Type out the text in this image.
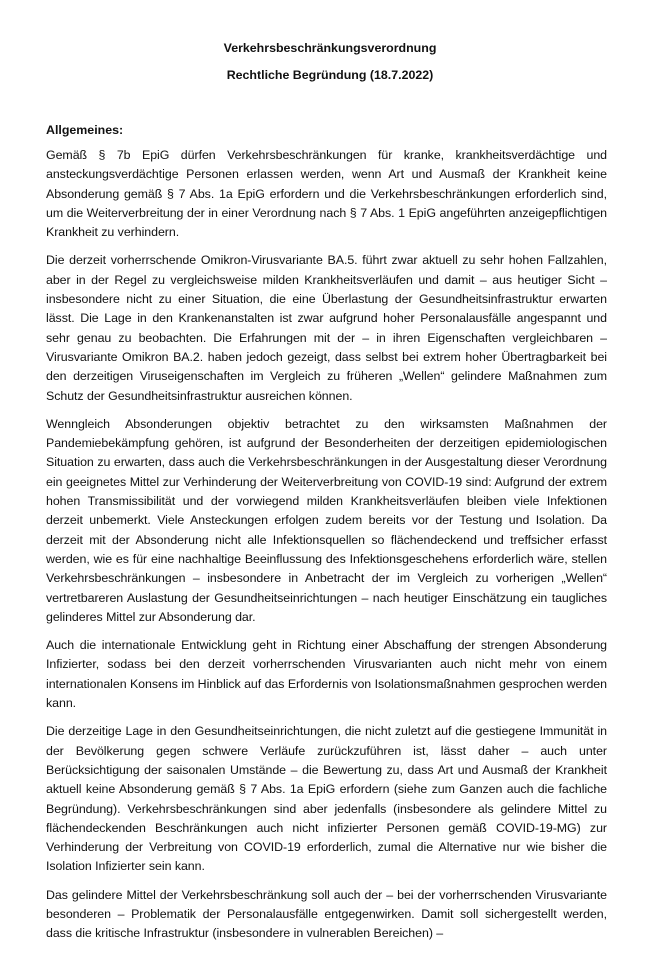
Verkehrsbeschränkungsverordnung

Rechtliche Begründung (18.7.2022)

Allgemeines:

Gemäß § 7b EpiG dürfen Verkehrsbeschränkungen für kranke, krankheitsverdächtige und ansteckungsverdächtige Personen erlassen werden, wenn Art und Ausmaß der Krankheit keine Absonderung gemäß § 7 Abs. 1a EpiG erfordern und die Verkehrsbeschränkungen erforderlich sind, um die Weiterverbreitung der in einer Verordnung nach § 7 Abs. 1 EpiG angeführten anzeigepflichtigen Krankheit zu verhindern.

Die derzeit vorherrschende Omikron-Virusvariante BA.5. führt zwar aktuell zu sehr hohen Fallzahlen, aber in der Regel zu vergleichsweise milden Krankheitsverläufen und damit – aus heutiger Sicht – insbesondere nicht zu einer Situation, die eine Überlastung der Gesundheitsinfrastruktur erwarten lässt. Die Lage in den Krankenanstalten ist zwar aufgrund hoher Personalausfälle angespannt und sehr genau zu beobachten. Die Erfahrungen mit der – in ihren Eigenschaften vergleichbaren – Virusvariante Omikron BA.2. haben jedoch gezeigt, dass selbst bei extrem hoher Übertragbarkeit bei den derzeitigen Viruseigenschaften im Vergleich zu früheren „Wellen“ gelindere Maßnahmen zum Schutz der Gesundheitsinfrastruktur ausreichen können.

Wenngleich Absonderungen objektiv betrachtet zu den wirksamsten Maßnahmen der Pandemiebekämpfung gehören, ist aufgrund der Besonderheiten der derzeitigen epidemiologischen Situation zu erwarten, dass auch die Verkehrsbeschränkungen in der Ausgestaltung dieser Verordnung ein geeignetes Mittel zur Verhinderung der Weiterverbreitung von COVID-19 sind: Aufgrund der extrem hohen Transmissibilität und der vorwiegend milden Krankheitsverläufen bleiben viele Infektionen derzeit unbemerkt. Viele Ansteckungen erfolgen zudem bereits vor der Testung und Isolation. Da derzeit mit der Absonderung nicht alle Infektionsquellen so flächendeckend und treffsicher erfasst werden, wie es für eine nachhaltige Beeinflussung des Infektionsgeschehens erforderlich wäre, stellen Verkehrsbeschränkungen – insbesondere in Anbetracht der im Vergleich zu vorherigen „Wellen“ vertretbareren Auslastung der Gesundheitseinrichtungen – nach heutiger Einschätzung ein taugliches gelinderes Mittel zur Absonderung dar.

Auch die internationale Entwicklung geht in Richtung einer Abschaffung der strengen Absonderung Infizierter, sodass bei den derzeit vorherrschenden Virusvarianten auch nicht mehr von einem internationalen Konsens im Hinblick auf das Erfordernis von Isolationsmaßnahmen gesprochen werden kann.

Die derzeitige Lage in den Gesundheitseinrichtungen, die nicht zuletzt auf die gestiegene Immunität in der Bevölkerung gegen schwere Verläufe zurückzuführen ist, lässt daher – auch unter Berücksichtigung der saisonalen Umstände – die Bewertung zu, dass Art und Ausmaß der Krankheit aktuell keine Absonderung gemäß § 7 Abs. 1a EpiG erfordern (siehe zum Ganzen auch die fachliche Begründung). Verkehrsbeschränkungen sind aber jedenfalls (insbesondere als gelindere Mittel zu flächendeckenden Beschränkungen auch nicht infizierter Personen gemäß COVID-19-MG) zur Verhinderung der Verbreitung von COVID-19 erforderlich, zumal die Alternative nur wie bisher die Isolation Infizierter sein kann.

Das gelindere Mittel der Verkehrsbeschränkung soll auch der – bei der vorherrschenden Virusvariante besonderen – Problematik der Personalausfälle entgegenwirken. Damit soll sichergestellt werden, dass die kritische Infrastruktur (insbesondere in vulnerablen Bereichen) –
